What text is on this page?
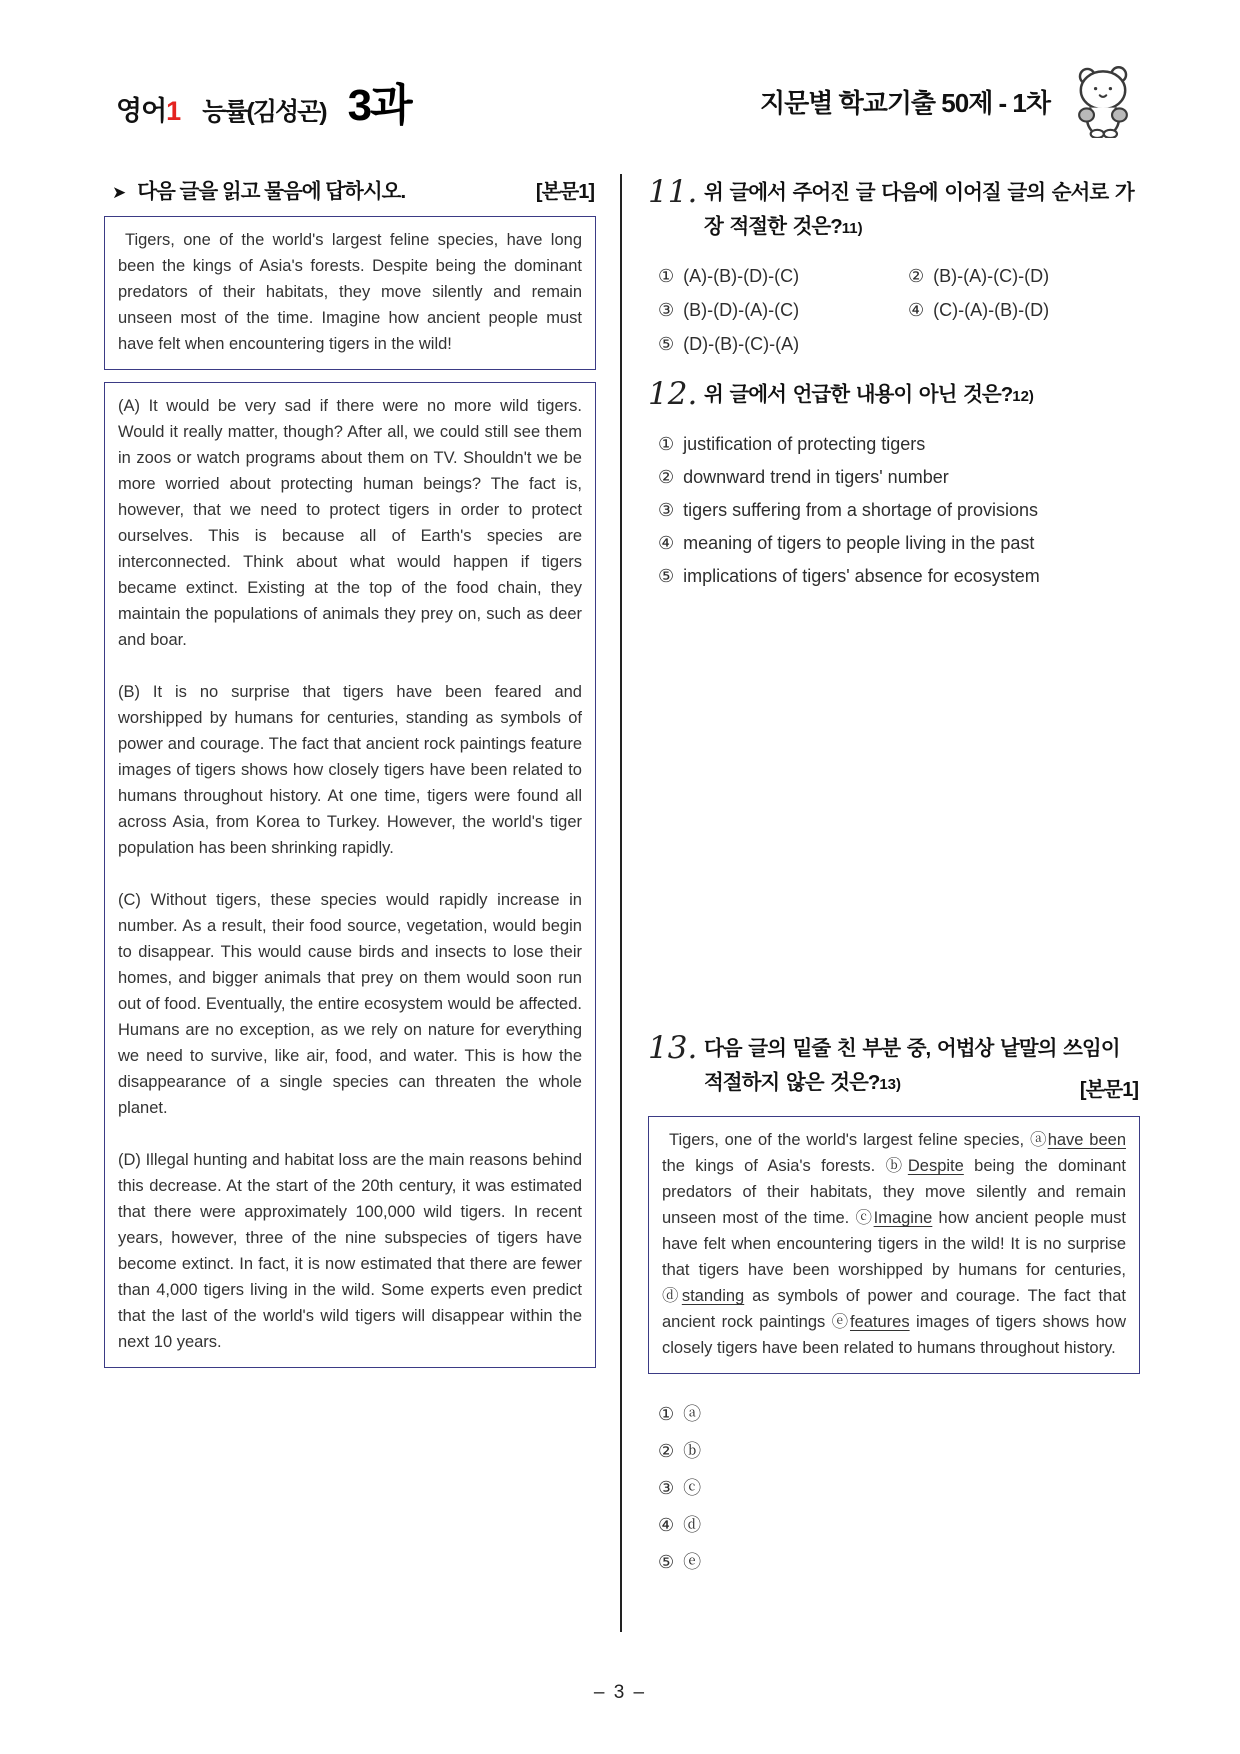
영어1 능률(김성곤) 3과	지문별 학교기출 50제 - 1차
➤ 다음 글을 읽고 물음에 답하시오.	[본문1]

Tigers, one of the world's largest feline species, have long been the kings of Asia's forests. Despite being the dominant predators of their habitats, they move silently and remain unseen most of the time. Imagine how ancient people must have felt when encountering tigers in the wild!

(A) It would be very sad if there were no more wild tigers. Would it really matter, though? After all, we could still see them in zoos or watch programs about them on TV. Shouldn't we be more worried about protecting human beings? The fact is, however, that we need to protect tigers in order to protect ourselves. This is because all of Earth's species are interconnected. Think about what would happen if tigers became extinct. Existing at the top of the food chain, they maintain the populations of animals they prey on, such as deer and boar.

(B) It is no surprise that tigers have been feared and worshipped by humans for centuries, standing as symbols of power and courage. The fact that ancient rock paintings feature images of tigers shows how closely tigers have been related to humans throughout history. At one time, tigers were found all across Asia, from Korea to Turkey. However, the world's tiger population has been shrinking rapidly.

(C) Without tigers, these species would rapidly increase in number. As a result, their food source, vegetation, would begin to disappear. This would cause birds and insects to lose their homes, and bigger animals that prey on them would soon run out of food. Eventually, the entire ecosystem would be affected. Humans are no exception, as we rely on nature for everything we need to survive, like air, food, and water. This is how the disappearance of a single species can threaten the whole planet.

(D) Illegal hunting and habitat loss are the main reasons behind this decrease. At the start of the 20th century, it was estimated that there were approximately 100,000 wild tigers. In recent years, however, three of the nine subspecies of tigers have become extinct. In fact, it is now estimated that there are fewer than 4,000 tigers living in the wild. Some experts even predict that the last of the world's wild tigers will disappear within the next 10 years.

11. 위 글에서 주어진 글 다음에 이어질 글의 순서로 가장 적절한 것은?11)
① (A)-(B)-(D)-(C)	② (B)-(A)-(C)-(D)
③ (B)-(D)-(A)-(C)	④ (C)-(A)-(B)-(D)
⑤ (D)-(B)-(C)-(A)
12. 위 글에서 언급한 내용이 아닌 것은?12)
① justification of protecting tigers
② downward trend in tigers' number
③ tigers suffering from a shortage of provisions
④ meaning of tigers to people living in the past
⑤ implications of tigers' absence for ecosystem
13. 다음 글의 밑줄 친 부분 중, 어법상 낱말의 쓰임이 적절하지 않은 것은?13)	[본문1]

Tigers, one of the world's largest feline species, ⓐhave been the kings of Asia's forests. ⓑDespite being the dominant predators of their habitats, they move silently and remain unseen most of the time. ⓒImagine how ancient people must have felt when encountering tigers in the wild! It is no surprise that tigers have been worshipped by humans for centuries, ⓓstanding as symbols of power and courage. The fact that ancient rock paintings ⓔfeatures images of tigers shows how closely tigers have been related to humans throughout history.

① ⓐ
② ⓑ
③ ⓒ
④ ⓓ
⑤ ⓔ
– 3 –
